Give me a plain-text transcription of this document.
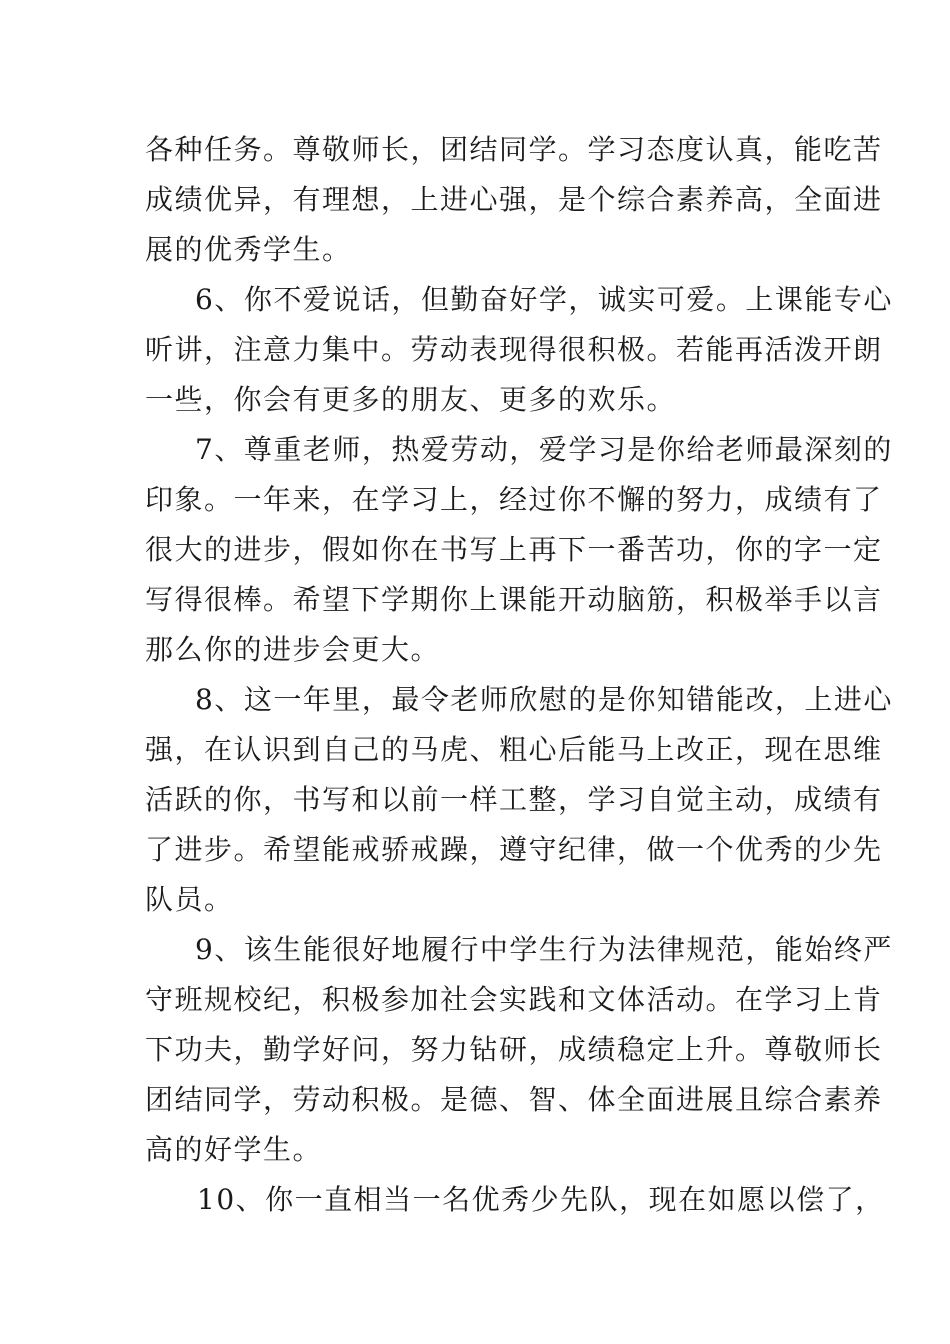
各种任务。尊敬师长，团结同学。学习态度认真，能吃苦
成绩优异，有理想，上进心强，是个综合素养高，全面进
展的优秀学生。
6、你不爱说话，但勤奋好学，诚实可爱。上课能专心
听讲，注意力集中。劳动表现得很积极。若能再活泼开朗
一些，你会有更多的朋友、更多的欢乐。
7、尊重老师，热爱劳动，爱学习是你给老师最深刻的
印象。一年来，在学习上，经过你不懈的努力，成绩有了
很大的进步，假如你在书写上再下一番苦功，你的字一定
写得很棒。希望下学期你上课能开动脑筋，积极举手以言
那么你的进步会更大。
8、这一年里，最令老师欣慰的是你知错能改，上进心
强，在认识到自己的马虎、粗心后能马上改正，现在思维
活跃的你，书写和以前一样工整，学习自觉主动，成绩有
了进步。希望能戒骄戒躁，遵守纪律，做一个优秀的少先
队员。
9、该生能很好地履行中学生行为法律规范，能始终严
守班规校纪，积极参加社会实践和文体活动。在学习上肯
下功夫，勤学好问，努力钻研，成绩稳定上升。尊敬师长
团结同学，劳动积极。是德、智、体全面进展且综合素养
高的好学生。
10、你一直相当一名优秀少先队，现在如愿以偿了，
